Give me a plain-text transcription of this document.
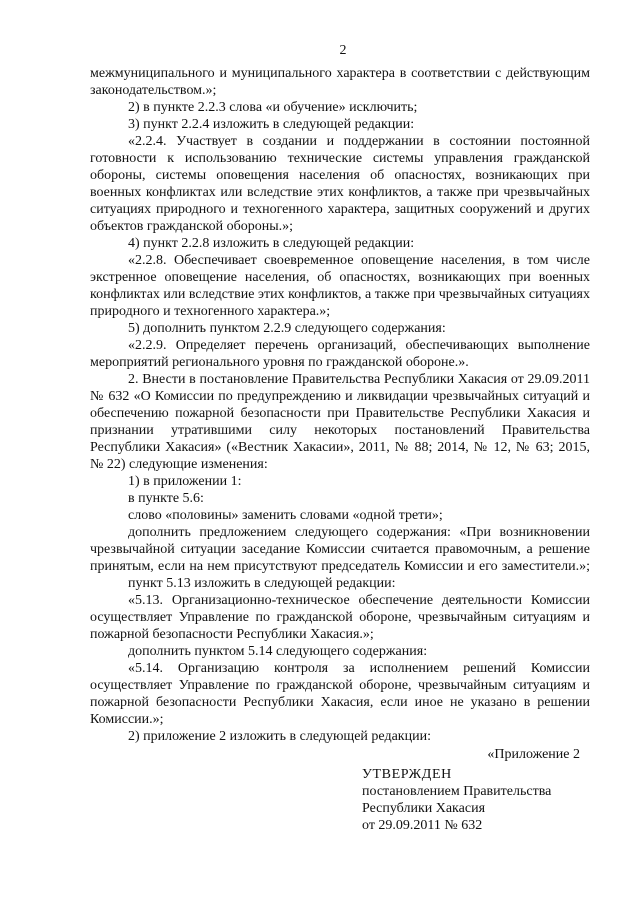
2
межмуниципального и муниципального характера в соответствии с действующим
законодательством.»;
2) в пункте 2.2.3 слова «и обучение» исключить;
3) пункт 2.2.4 изложить в следующей редакции:
«2.2.4. Участвует в создании и поддержании в состоянии постоянной
готовности к использованию технические системы управления гражданской
обороны, системы оповещения населения об опасностях, возникающих при
военных конфликтах или вследствие этих конфликтов, а также при чрезвычайных
ситуациях природного и техногенного характера, защитных сооружений и других
объектов гражданской обороны.»;
4) пункт 2.2.8 изложить в следующей редакции:
«2.2.8. Обеспечивает своевременное оповещение населения, в том числе
экстренное оповещение населения, об опасностях, возникающих при военных
конфликтах или вследствие этих конфликтов, а также при чрезвычайных ситуациях
природного и техногенного характера.»;
5) дополнить пунктом 2.2.9 следующего содержания:
«2.2.9. Определяет перечень организаций, обеспечивающих выполнение
мероприятий регионального уровня по гражданской обороне.».
2. Внести в постановление Правительства Республики Хакасия от 29.09.2011
№ 632 «О Комиссии по предупреждению и ликвидации чрезвычайных ситуаций и
обеспечению пожарной безопасности при Правительстве Республики Хакасия и
признании утратившими силу некоторых постановлений Правительства
Республики Хакасия» («Вестник Хакасии», 2011, № 88; 2014, № 12, № 63; 2015,
№ 22) следующие изменения:
1) в приложении 1:
в пункте 5.6:
слово «половины» заменить словами «одной трети»;
дополнить предложением следующего содержания: «При возникновении
чрезвычайной ситуации заседание Комиссии считается правомочным, а решение
принятым, если на нем присутствуют председатель Комиссии и его заместители.»;
пункт 5.13 изложить в следующей редакции:
«5.13. Организационно-техническое обеспечение деятельности Комиссии
осуществляет Управление по гражданской обороне, чрезвычайным ситуациям и
пожарной безопасности Республики Хакасия.»;
дополнить пунктом 5.14 следующего содержания:
«5.14. Организацию контроля за исполнением решений Комиссии
осуществляет Управление по гражданской обороне, чрезвычайным ситуациям и
пожарной безопасности Республики Хакасия, если иное не указано в решении
Комиссии.»;
2) приложение 2 изложить в следующей редакции:
«Приложение 2
УТВЕРЖДЕН
постановлением Правительства
Республики Хакасия
от 29.09.2011 № 632
